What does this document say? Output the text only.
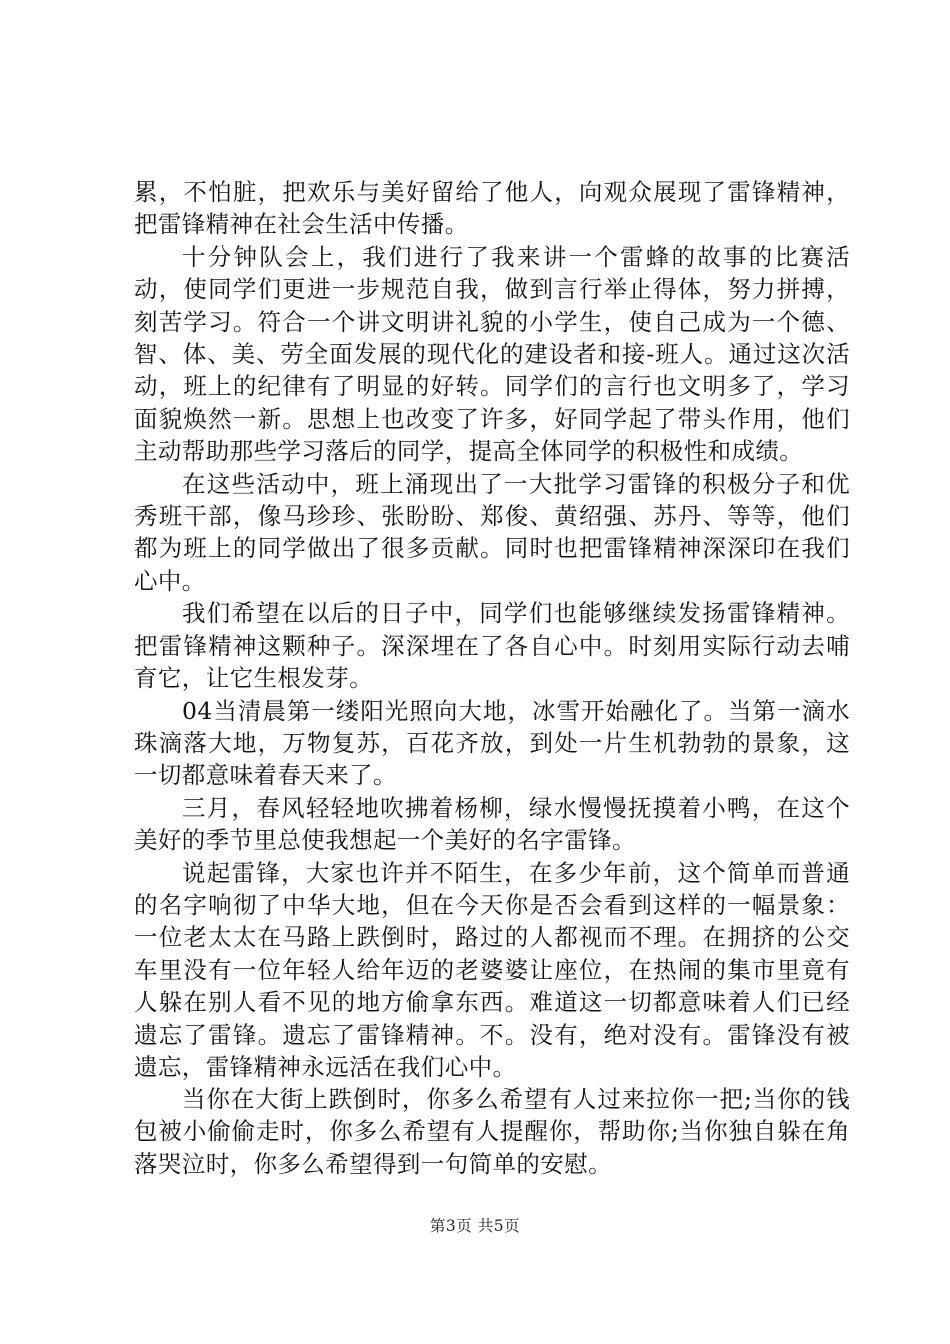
累，不怕脏，把欢乐与美好留给了他人，向观众展现了雷锋精神，把雷锋精神在社会生活中传播。

十分钟队会上，我们进行了我来讲一个雷蜂的故事的比赛活动，使同学们更进一步规范自我，做到言行举止得体，努力拼搏，刻苦学习。符合一个讲文明讲礼貌的小学生，使自己成为一个德、智、体、美、劳全面发展的现代化的建设者和接-班人。通过这次活动，班上的纪律有了明显的好转。同学们的言行也文明多了，学习面貌焕然一新。思想上也改变了许多，好同学起了带头作用，他们主动帮助那些学习落后的同学，提高全体同学的积极性和成绩。

在这些活动中，班上涌现出了一大批学习雷锋的积极分子和优秀班干部，像马珍珍、张盼盼、郑俊、黄绍强、苏丹、等等，他们都为班上的同学做出了很多贡献。同时也把雷锋精神深深印在我们心中。

我们希望在以后的日子中，同学们也能够继续发扬雷锋精神。把雷锋精神这颗种子。深深埋在了各自心中。时刻用实际行动去哺育它，让它生根发芽。

04当清晨第一缕阳光照向大地，冰雪开始融化了。当第一滴水珠滴落大地，万物复苏，百花齐放，到处一片生机勃勃的景象，这一切都意味着春天来了。

三月，春风轻轻地吹拂着杨柳，绿水慢慢抚摸着小鸭，在这个美好的季节里总使我想起一个美好的名字雷锋。

说起雷锋，大家也许并不陌生，在多少年前，这个简单而普通的名字响彻了中华大地，但在今天你是否会看到这样的一幅景象：一位老太太在马路上跌倒时，路过的人都视而不理。在拥挤的公交车里没有一位年轻人给年迈的老婆婆让座位，在热闹的集市里竟有人躲在别人看不见的地方偷拿东西。难道这一切都意味着人们已经遗忘了雷锋。遗忘了雷锋精神。不。没有，绝对没有。雷锋没有被遗忘，雷锋精神永远活在我们心中。

当你在大街上跌倒时，你多么希望有人过来拉你一把;当你的钱包被小偷偷走时，你多么希望有人提醒你，帮助你;当你独自躲在角落哭泣时，你多么希望得到一句简单的安慰。

第3页 共5页
